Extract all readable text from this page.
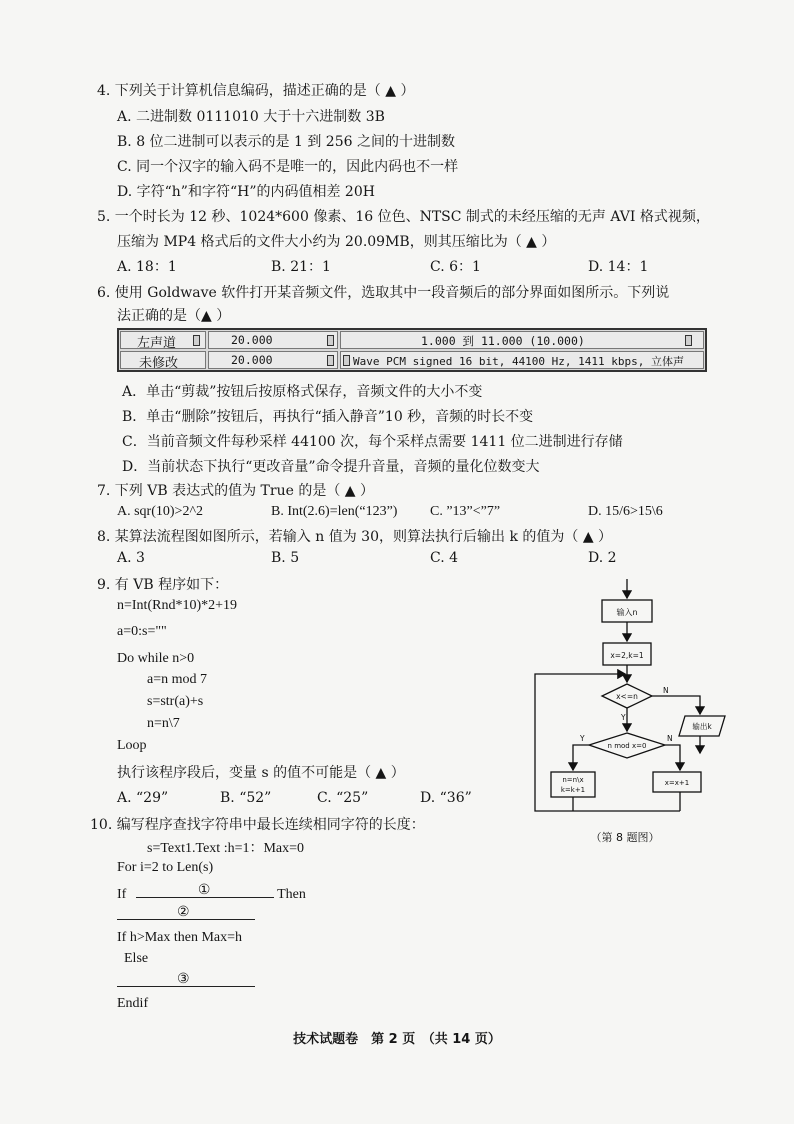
4. 下列关于计算机信息编码，描述正确的是（ ▲ ）
A. 二进制数 0111010 大于十六进制数 3B
B. 8 位二进制可以表示的是 1 到 256 之间的十进制数
C. 同一个汉字的输入码不是唯一的，因此内码也不一样
D. 字符“h”和字符“H”的内码值相差 20H
5. 一个时长为 12 秒、1024*600 像素、16 位色、NTSC 制式的未经压缩的无声 AVI 格式视频，
压缩为 MP4 格式后的文件大小约为 20.09MB，则其压缩比为（ ▲ ）
A. 18：1	B. 21：1	C. 6：1	D. 14：1
6. 使用 Goldwave 软件打开某音频文件，选取其中一段音频后的部分界面如图所示。下列说
法正确的是（▲ ）
左声道	20.000	1.000 到 11.000 (10.000)
未修改	20.000	Wave PCM signed 16 bit, 44100 Hz, 1411 kbps, 立体声
A．单击“剪裁”按钮后按原格式保存，音频文件的大小不变
B．单击“删除”按钮后，再执行“插入静音”10 秒，音频的时长不变
C．当前音频文件每秒采样 44100 次，每个采样点需要 1411 位二进制进行存储
D．当前状态下执行“更改音量”命令提升音量，音频的量化位数变大
7. 下列 VB 表达式的值为 True 的是（ ▲ ）
A. sqr(10)>2^2	B. Int(2.6)=len(“123”) C. ”13”<”7”	D. 15/6>15\6
8. 某算法流程图如图所示，若输入 n 值为 30，则算法执行后输出 k 的值为（ ▲ ）
A. 3	B. 5	C. 4	D. 2
9. 有 VB 程序如下：
n=Int(Rnd*10)*2+19
a=0:s=""
Do while n>0
a=n mod 7
s=str(a)+s
n=n\7
Loop
执行该程序段后，变量 s 的值不可能是（ ▲ ）
A. “29”	B. “52”	C. “25”	D. “36”
10. 编写程序查找字符串中最长连续相同字符的长度：
s=Text1.Text :h=1：Max=0
For i=2 to Len(s)
If	①	Then
②
If h>Max then Max=h
Else
③
Endif
输入n
x=2,k=1
x<=n
N
Y
n mod x=0
Y	N
输出k
n=n\x
k=k+1
x=x+1
（第 8 题图）
技术试题卷　第 2 页　（共 14 页）
